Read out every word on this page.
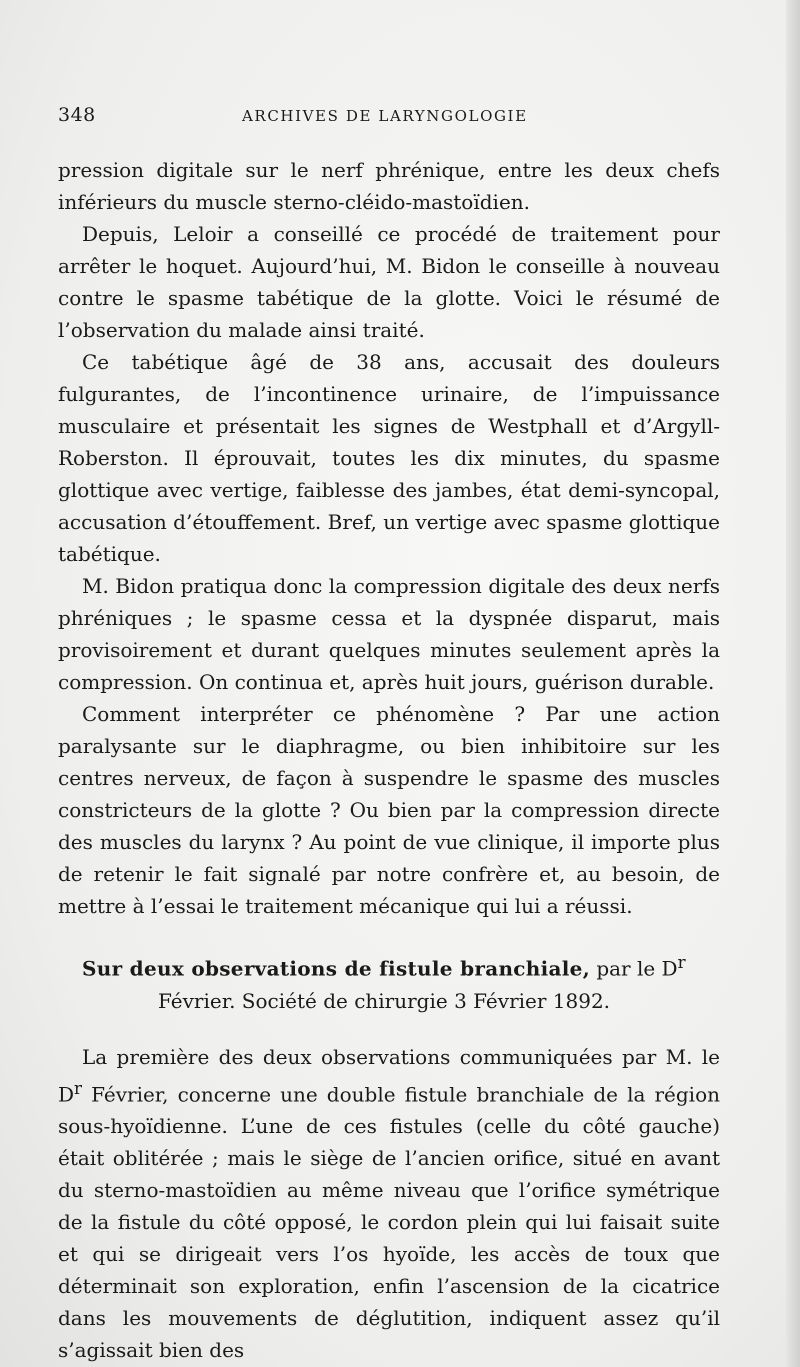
348	ARCHIVES DE LARYNGOLOGIE

pression digitale sur le nerf phrénique, entre les deux chefs inférieurs du muscle sterno-cléido-mastoïdien.

Depuis, Leloir a conseillé ce procédé de traitement pour arrêter le hoquet. Aujourd’hui, M. Bidon le conseille à nouveau contre le spasme tabétique de la glotte. Voici le résumé de l’observation du malade ainsi traité.

Ce tabétique âgé de 38 ans, accusait des douleurs fulgurantes, de l’incontinence urinaire, de l’impuissance musculaire et présentait les signes de Westphall et d’Argyll-Roberston. Il éprouvait, toutes les dix minutes, du spasme glottique avec vertige, faiblesse des jambes, état demi-syncopal, accusation d’étouffement. Bref, un vertige avec spasme glottique tabétique.

M. Bidon pratiqua donc la compression digitale des deux nerfs phréniques ; le spasme cessa et la dyspnée disparut, mais provisoirement et durant quelques minutes seulement après la compression. On continua et, après huit jours, guérison durable.

Comment interpréter ce phénomène ? Par une action paralysante sur le diaphragme, ou bien inhibitoire sur les centres nerveux, de façon à suspendre le spasme des muscles constricteurs de la glotte ? Ou bien par la compression directe des muscles du larynx ? Au point de vue clinique, il importe plus de retenir le fait signalé par notre confrère et, au besoin, de mettre à l’essai le traitement mécanique qui lui a réussi.

Sur deux observations de fistule branchiale, par le $D^r$

Février. Société de chirurgie 3 Février 1892.

La première des deux observations communiquées par M. le $D^r$ Février, concerne une double fistule branchiale de la région sous-hyoïdienne. L’une de ces fistules (celle du côté gauche) était oblitérée ; mais le siège de l’ancien orifice, situé en avant du sterno-mastoïdien au même niveau que l’orifice symétrique de la fistule du côté opposé, le cordon plein qui lui faisait suite et qui se dirigeait vers l’os hyoïde, les accès de toux que déterminait son exploration, enfin l’ascension de la cicatrice dans les mouvements de déglutition, indiquent assez qu’il s’agissait bien des
